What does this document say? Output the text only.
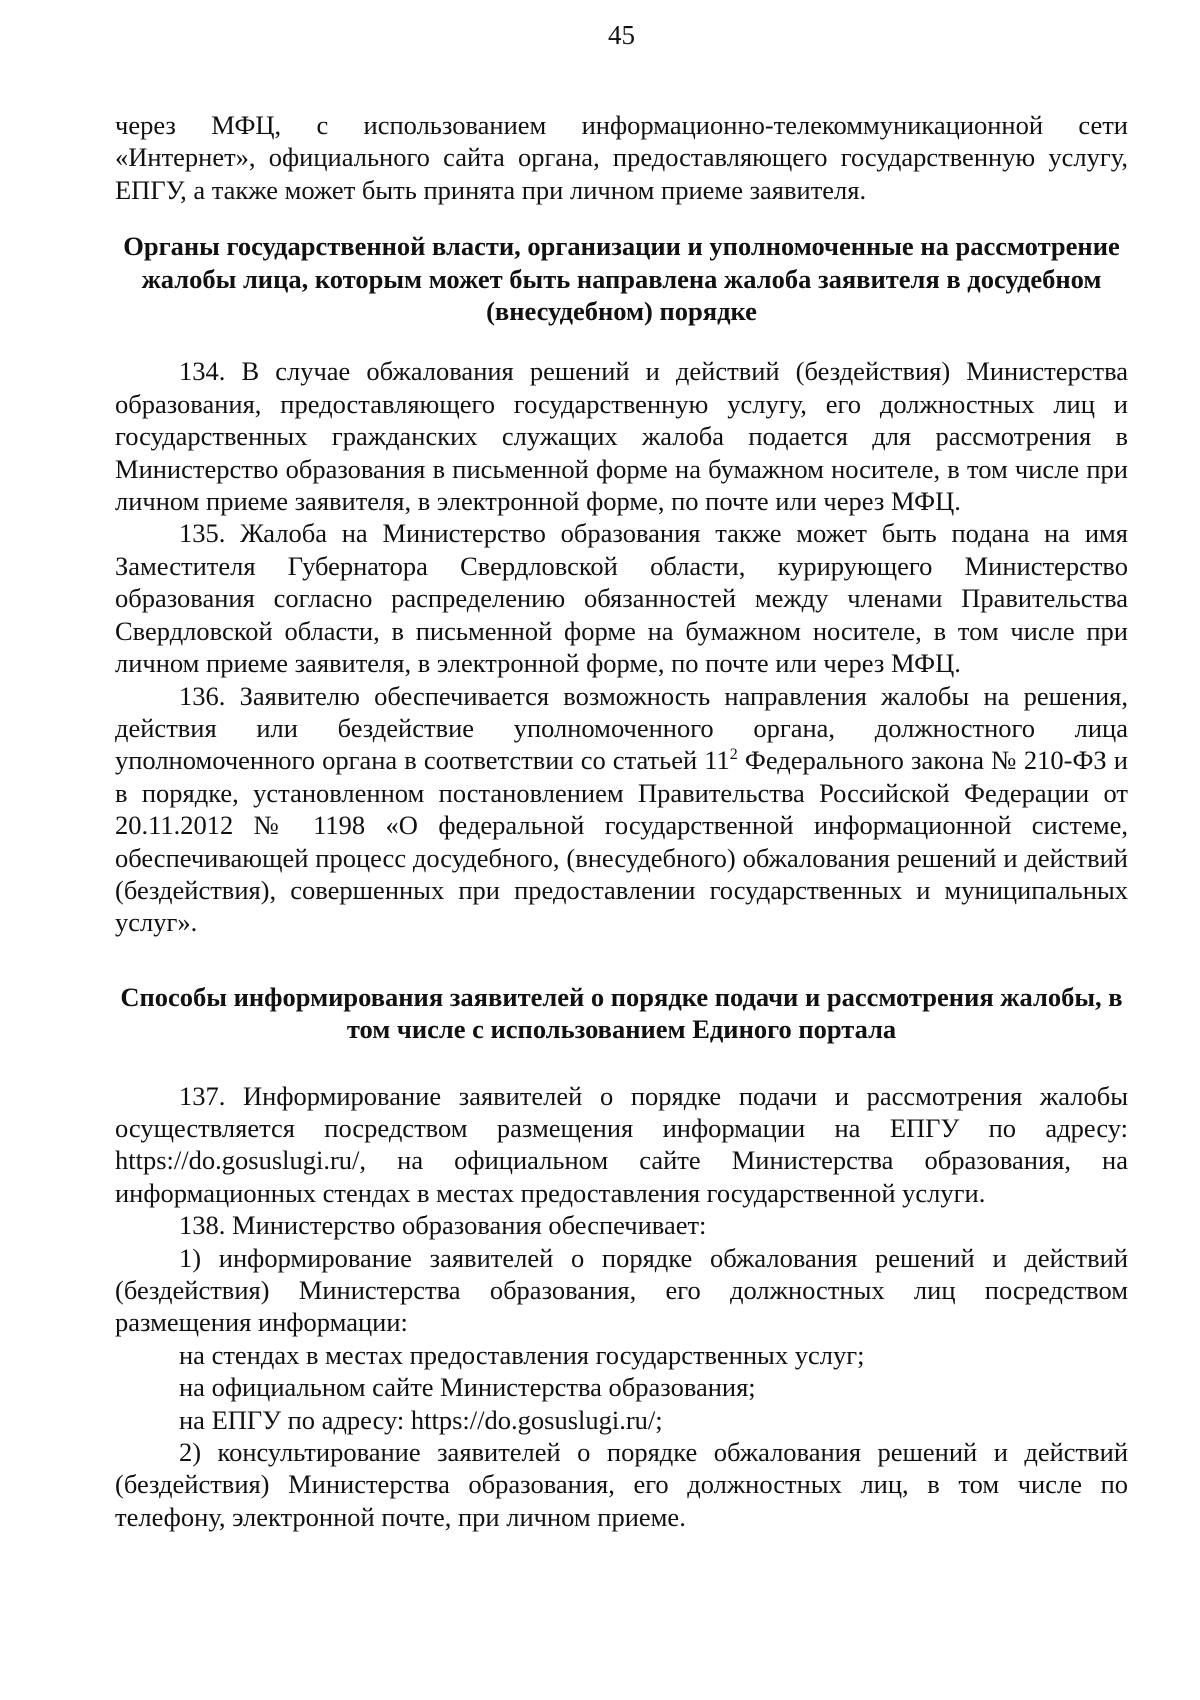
45

через МФЦ, с использованием информационно-телекоммуникационной сети «Интернет», официального сайта органа, предоставляющего государственную услугу, ЕПГУ, а также может быть принята при личном приеме заявителя.

Органы государственной власти, организации и уполномоченные на рассмотрение жалобы лица, которым может быть направлена жалоба заявителя в досудебном (внесудебном) порядке

134. В случае обжалования решений и действий (бездействия) Министерства образования, предоставляющего государственную услугу, его должностных лиц и государственных гражданских служащих жалоба подается для рассмотрения в Министерство образования в письменной форме на бумажном носителе, в том числе при личном приеме заявителя, в электронной форме, по почте или через МФЦ.

135. Жалоба на Министерство образования также может быть подана на имя Заместителя Губернатора Свердловской области, курирующего Министерство образования согласно распределению обязанностей между членами Правительства Свердловской области, в письменной форме на бумажном носителе, в том числе при личном приеме заявителя, в электронной форме, по почте или через МФЦ.

136. Заявителю обеспечивается возможность направления жалобы на решения, действия или бездействие уполномоченного органа, должностного лица уполномоченного органа в соответствии со статьей $11^2$ Федерального закона № 210-ФЗ и в порядке, установленном постановлением Правительства Российской Федерации от 20.11.2012 № 1198 «О федеральной государственной информационной системе, обеспечивающей процесс досудебного, (внесудебного) обжалования решений и действий (бездействия), совершенных при предоставлении государственных и муниципальных услуг».

Способы информирования заявителей о порядке подачи и рассмотрения жалобы, в том числе с использованием Единого портала

137. Информирование заявителей о порядке подачи и рассмотрения жалобы осуществляется посредством размещения информации на ЕПГУ по адресу: https://do.gosuslugi.ru/, на официальном сайте Министерства образования, на информационных стендах в местах предоставления государственной услуги.

138. Министерство образования обеспечивает:

1) информирование заявителей о порядке обжалования решений и действий (бездействия) Министерства образования, его должностных лиц посредством размещения информации:

на стендах в местах предоставления государственных услуг;

на официальном сайте Министерства образования;

на ЕПГУ по адресу: https://do.gosuslugi.ru/;

2) консультирование заявителей о порядке обжалования решений и действий (бездействия) Министерства образования, его должностных лиц, в том числе по телефону, электронной почте, при личном приеме.
